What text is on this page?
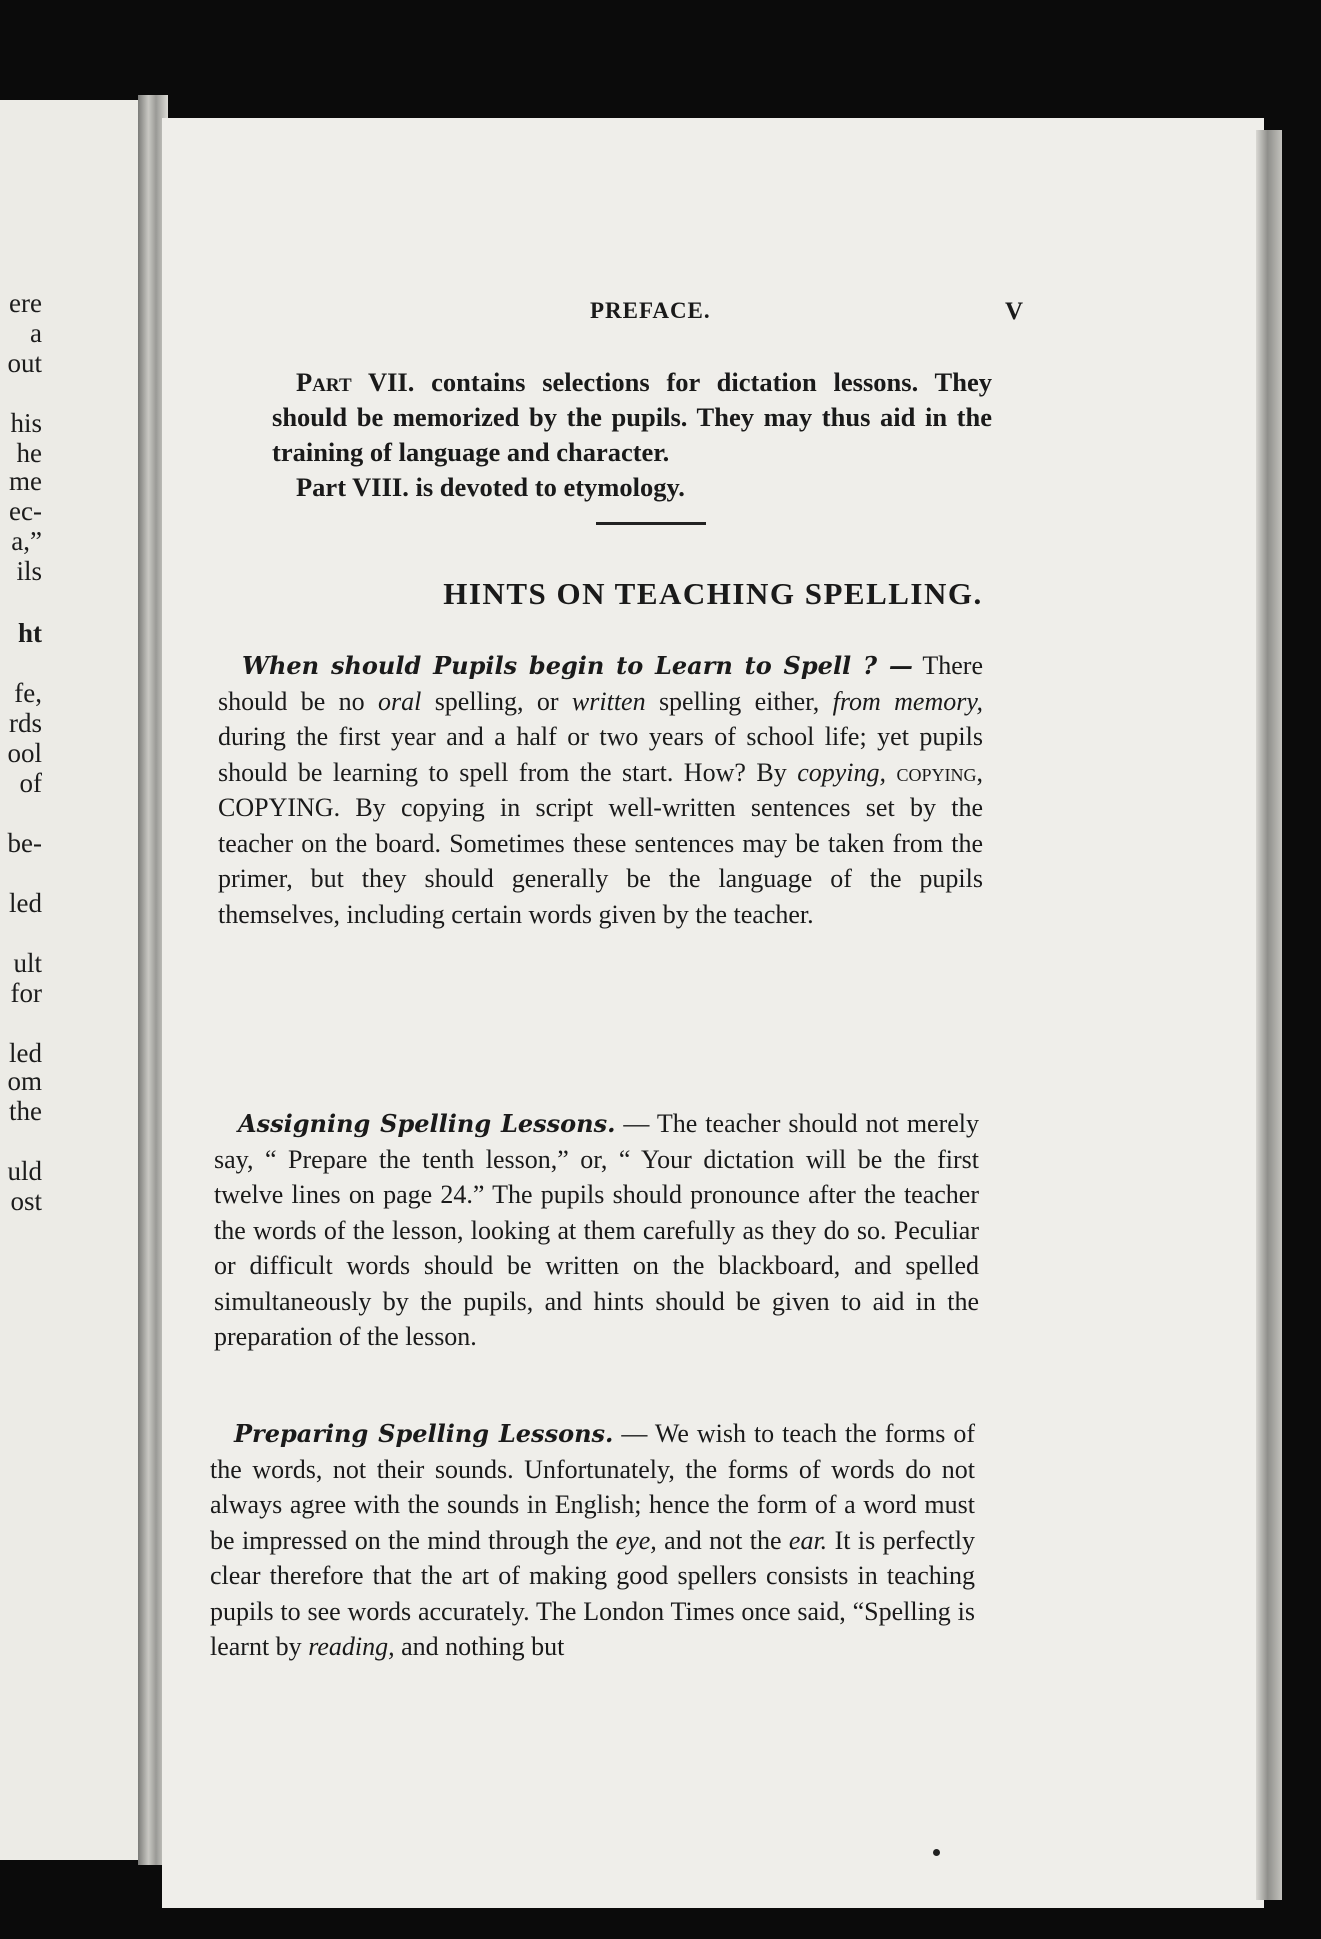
ere
a
out
his
he
me
ec-
a,”
ils
ht
fe,
rds
ool
of
be-
led
ult
for
led
om
the
uld
ost
PREFACE.	V

Part VII. contains selections for dictation lessons. They should be memorized by the pupils. They may thus aid in the training of language and character.

Part VIII. is devoted to etymology.

HINTS ON TEACHING SPELLING.

When should Pupils begin to Learn to Spell ? — There should be no oral spelling, or written spelling either, from memory, during the first year and a half or two years of school life; yet pupils should be learning to spell from the start. How? By copying, copying, COPYING. By copying in script well-written sentences set by the teacher on the board. Sometimes these sentences may be taken from the primer, but they should generally be the language of the pupils themselves, including certain words given by the teacher.

Assigning Spelling Lessons. — The teacher should not merely say, “ Prepare the tenth lesson,” or, “ Your dictation will be the first twelve lines on page 24.” The pupils should pronounce after the teacher the words of the lesson, looking at them carefully as they do so. Peculiar or difficult words should be written on the blackboard, and spelled simultaneously by the pupils, and hints should be given to aid in the preparation of the lesson.

Preparing Spelling Lessons. — We wish to teach the forms of the words, not their sounds. Unfortunately, the forms of words do not always agree with the sounds in English; hence the form of a word must be impressed on the mind through the eye, and not the ear. It is perfectly clear therefore that the art of making good spellers consists in teaching pupils to see words accurately. The London Times once said, “Spelling is learnt by reading, and nothing but
